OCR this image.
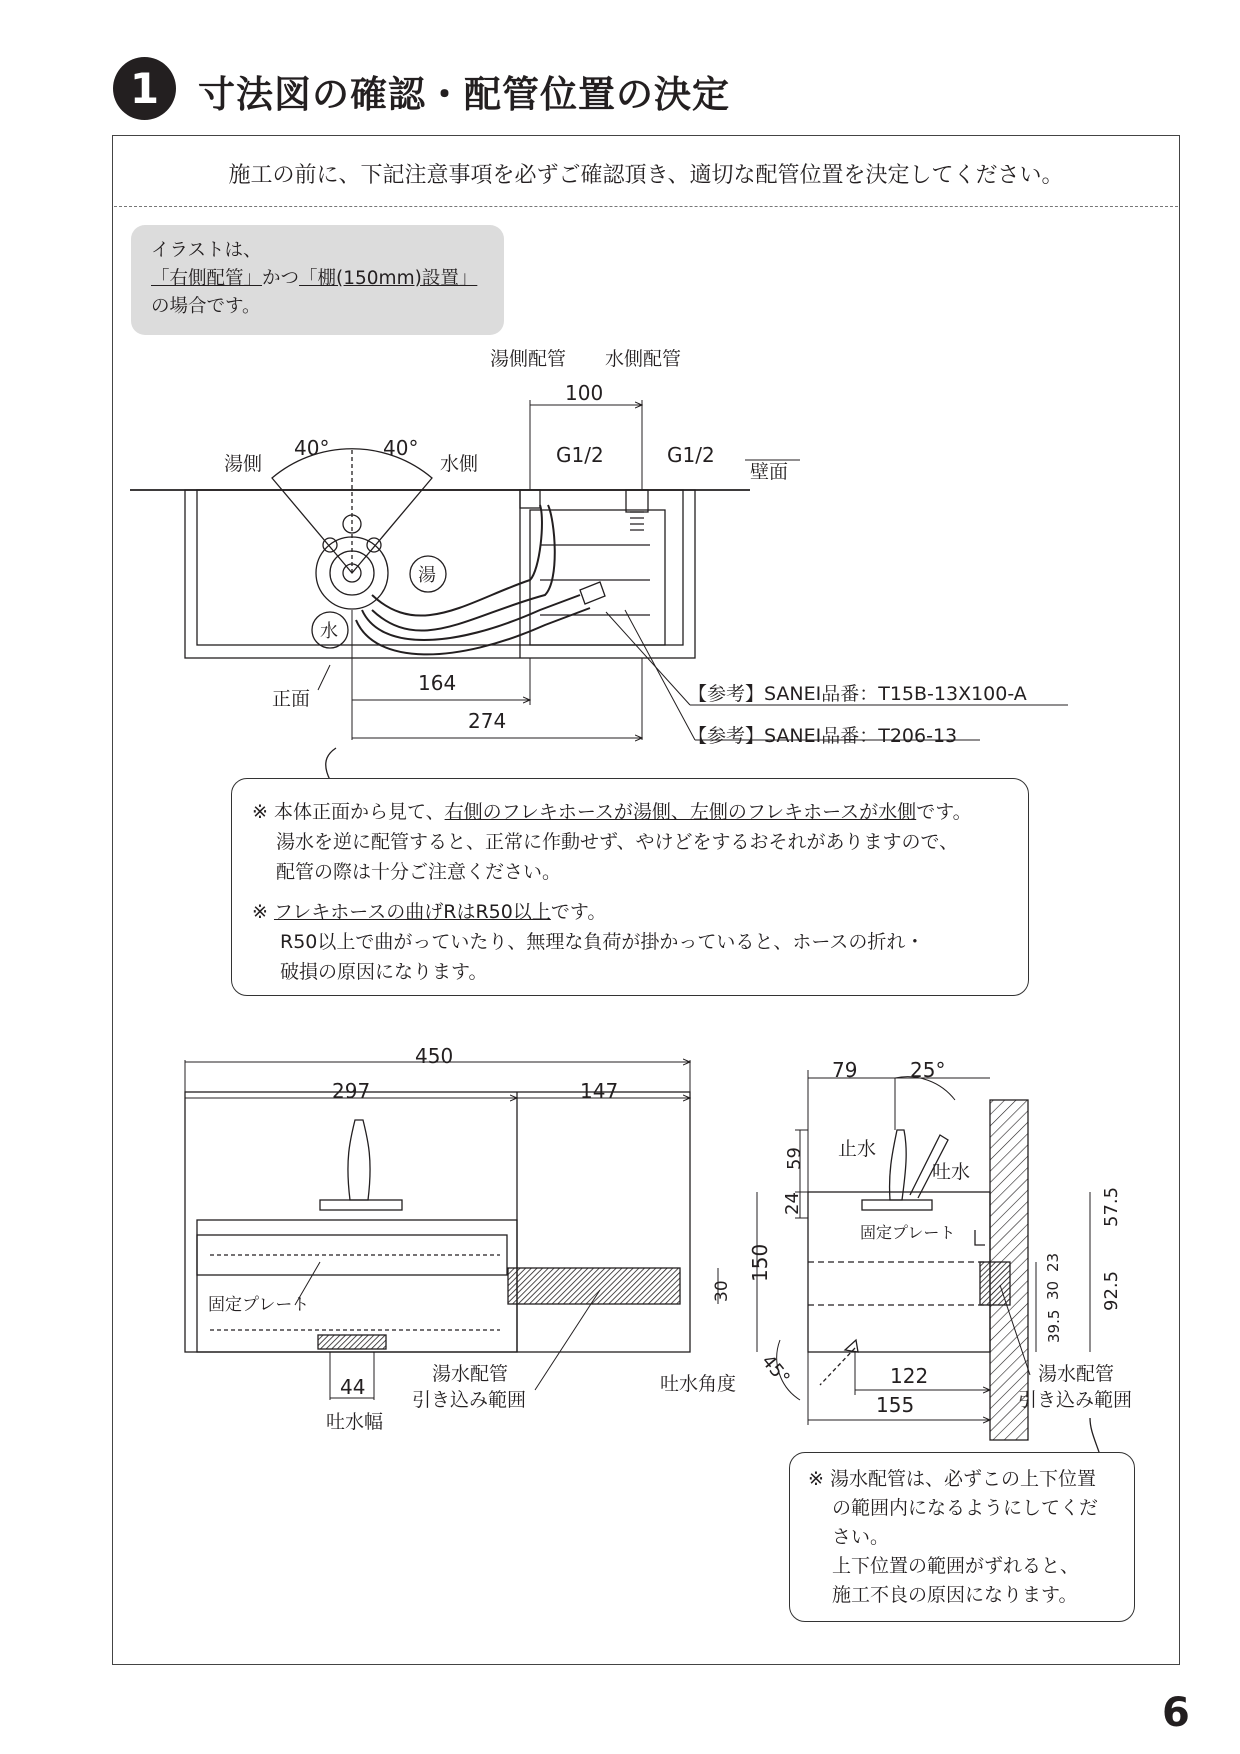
1	寸法図の確認・配管位置の決定
施工の前に、下記注意事項を必ずご確認頂き、適切な配管位置を決定してください。
イラストは、
「右側配管」かつ「棚(150mm)設置」
の場合です。
湯側配管 水側配管
100
湯側	水側
40°	40°	G1/2	G1/2
壁面
湯
水
正面
164
274
【参考】SANEI品番：T15B-13X100-A
【参考】SANEI品番：T206-13
450
297	147
30
150
固定プレート
44
吐水幅
湯水配管
引き込み範囲
79	25°
止水
吐水
59
24
固定プレート
57.5
23
30
39.5
92.5
45°
吐水角度	122
155
湯水配管
引き込み範囲
※ 本体正面から見て、右側のフレキホースが湯側、左側のフレキホースが水側です。
湯水を逆に配管すると、正常に作動せず、やけどをするおそれがありますので、
配管の際は十分ご注意ください。
※ フレキホースの曲げRはR50以上です。
R50以上で曲がっていたり、無理な負荷が掛かっていると、ホースの折れ・
破損の原因になります。
※ 湯水配管は、必ずこの上下位置
の範囲内になるようにしてくだ
さい。
上下位置の範囲がずれると、
施工不良の原因になります。
6
